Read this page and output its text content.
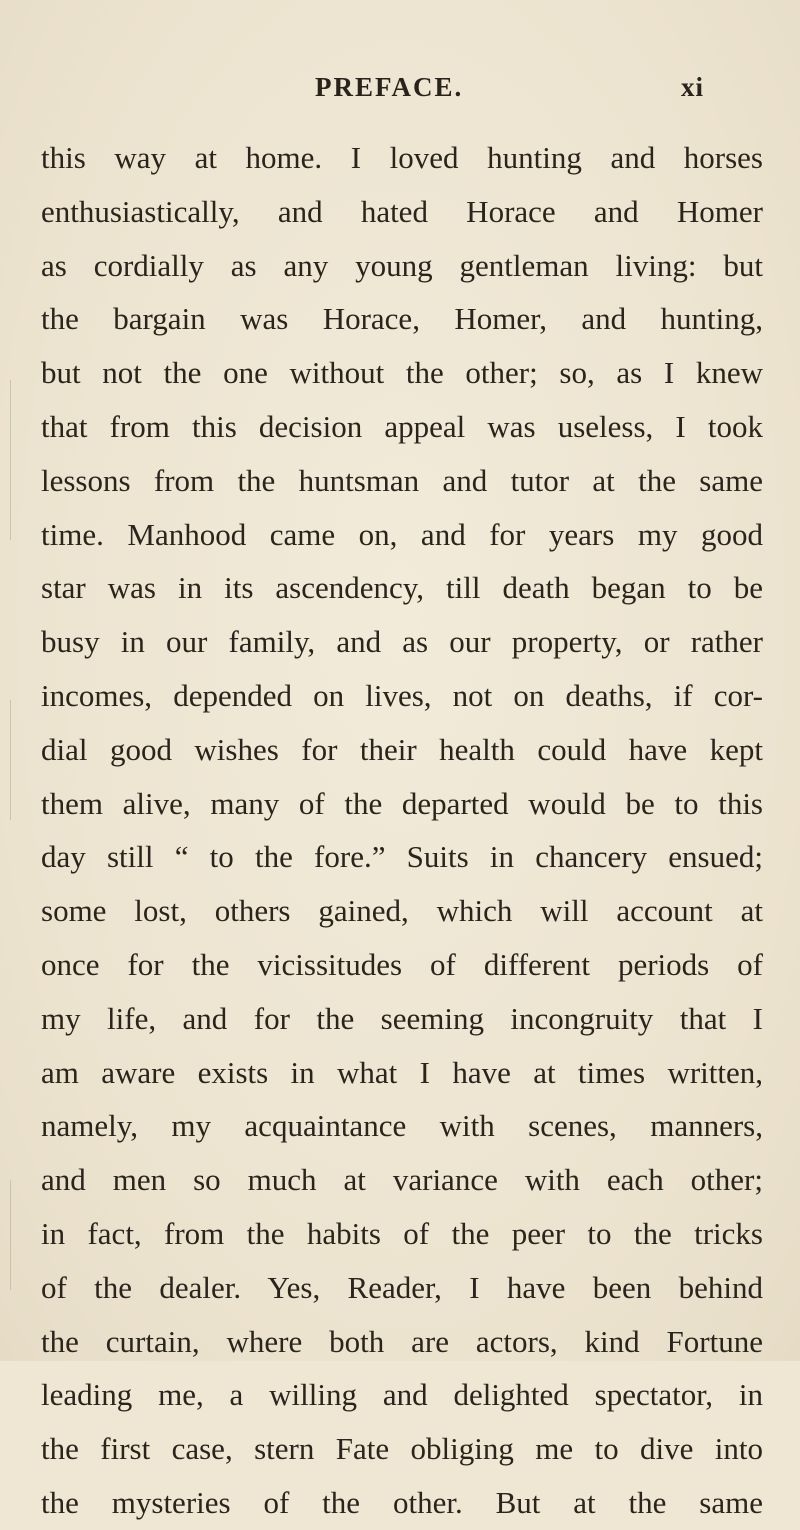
PREFACE.	xi
this way at home. I loved hunting and horses
enthusiastically, and hated Horace and Homer
as cordially as any young gentleman living: but
the bargain was Horace, Homer, and hunting,
but not the one without the other; so, as I knew
that from this decision appeal was useless, I took
lessons from the huntsman and tutor at the same
time. Manhood came on, and for years my good
star was in its ascendency, till death began to be
busy in our family, and as our property, or rather
incomes, depended on lives, not on deaths, if cor-
dial good wishes for their health could have kept
them alive, many of the departed would be to this
day still “ to the fore.” Suits in chancery ensued;
some lost, others gained, which will account at
once for the vicissitudes of different periods of
my life, and for the seeming incongruity that I
am aware exists in what I have at times written,
namely, my acquaintance with scenes, manners,
and men so much at variance with each other;
in fact, from the habits of the peer to the tricks
of the dealer. Yes, Reader, I have been behind
the curtain, where both are actors, kind Fortune
leading me, a willing and delighted spectator, in
the first case, stern Fate obliging me to dive into
the mysteries of the other. But at the same
